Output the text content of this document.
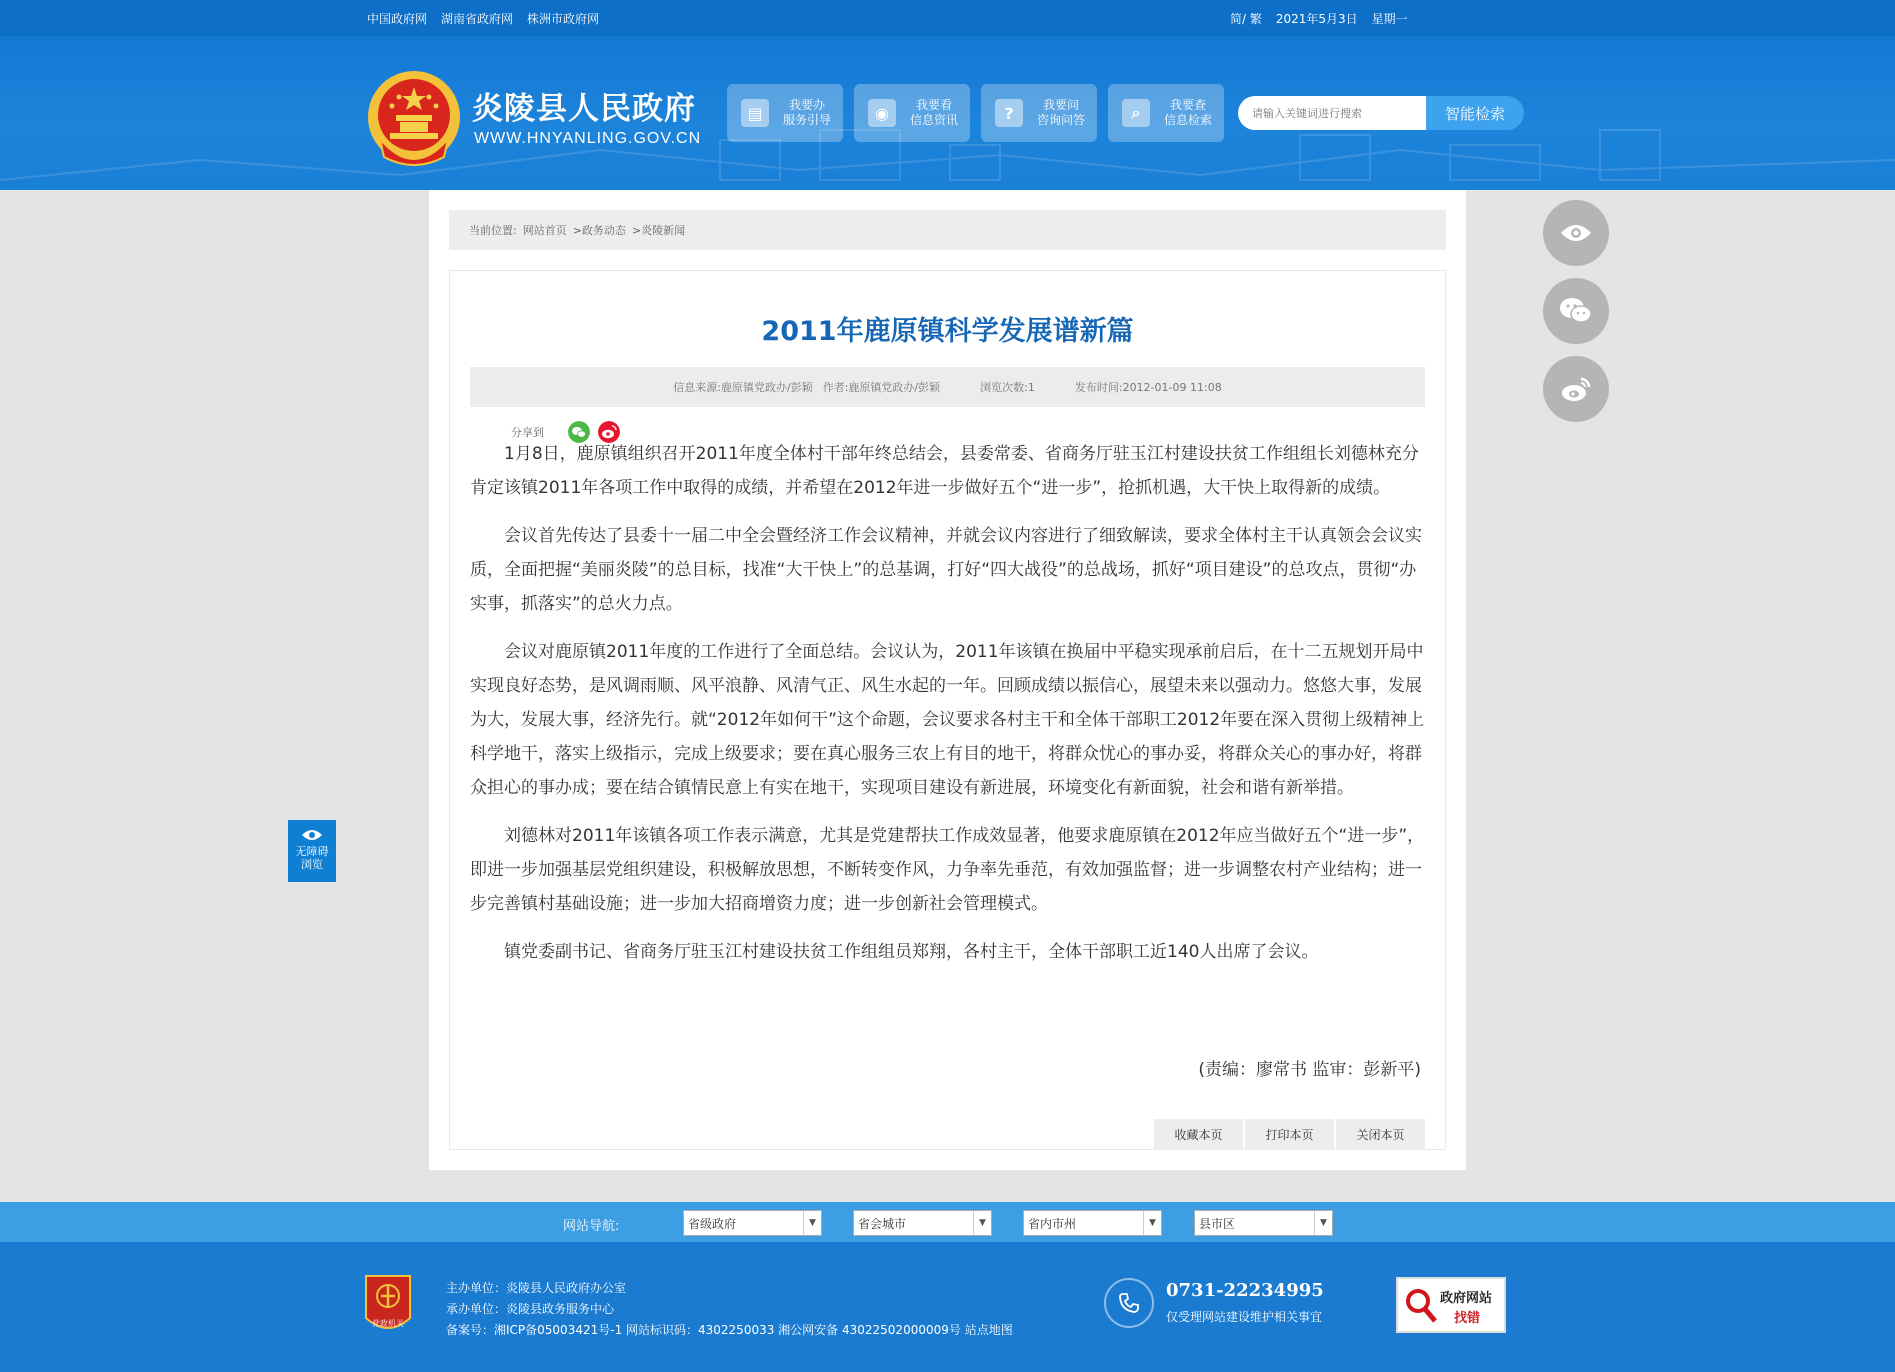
中国政府网 湖南省政府网 株洲市政府网	简/ 繁 2021年5月3日 星期一
炎陵县人民政府
WWW.HNYANLING.GOV.CN
▤	我要办
服务引导	◉	我要看
信息资讯	?	我要问
咨询问答	⌕	我要查
信息检索
请输入关键词进行搜索	智能检索
当前位置: 网站首页 >政务动态 >炎陵新闻
2011年鹿原镇科学发展谱新篇
信息来源:鹿原镇党政办/彭颖 作者:鹿原镇党政办/彭颖	浏览次数:1	发布时间:2012-01-09 11:08
分享到

1月8日，鹿原镇组织召开2011年度全体村干部年终总结会，县委常委、省商务厅驻玉江村建设扶贫工作组组长刘德林充分肯定该镇2011年各项工作中取得的成绩，并希望在2012年进一步做好五个“进一步”，抢抓机遇，大干快上取得新的成绩。

会议首先传达了县委十一届二中全会暨经济工作会议精神，并就会议内容进行了细致解读，要求全体村主干认真领会会议实质，全面把握“美丽炎陵”的总目标，找准“大干快上”的总基调，打好“四大战役”的总战场，抓好“项目建设”的总攻点，贯彻“办实事，抓落实”的总火力点。

会议对鹿原镇2011年度的工作进行了全面总结。会议认为，2011年该镇在换届中平稳实现承前启后，在十二五规划开局中实现良好态势，是风调雨顺、风平浪静、风清气正、风生水起的一年。回顾成绩以振信心，展望未来以强动力。悠悠大事，发展为大，发展大事，经济先行。就“2012年如何干”这个命题，会议要求各村主干和全体干部职工2012年要在深入贯彻上级精神上科学地干，落实上级指示，完成上级要求；要在真心服务三农上有目的地干，将群众忧心的事办妥，将群众关心的事办好，将群众担心的事办成；要在结合镇情民意上有实在地干，实现项目建设有新进展，环境变化有新面貌，社会和谐有新举措。

刘德林对2011年该镇各项工作表示满意，尤其是党建帮扶工作成效显著，他要求鹿原镇在2012年应当做好五个“进一步”，即进一步加强基层党组织建设，积极解放思想，不断转变作风，力争率先垂范，有效加强监督；进一步调整农村产业结构；进一步完善镇村基础设施；进一步加大招商增资力度；进一步创新社会管理模式。

镇党委副书记、省商务厅驻玉江村建设扶贫工作组组员郑翔，各村主干，全体干部职工近140人出席了会议。

(责编：廖常书 监审：彭新平)
收藏本页	打印本页	关闭本页
无障碍
浏览
网站导航:	省级政府	▼	省会城市	▼	省内市州	▼	县市区	▼
党政机关
主办单位：炎陵县人民政府办公室
承办单位：炎陵县政务服务中心
备案号：湘ICP备05003421号-1 网站标识码：4302250033 湘公网安备 43022502000009号 站点地图
0731-22234995
仅受理网站建设维护相关事宜
政府网站
找错
